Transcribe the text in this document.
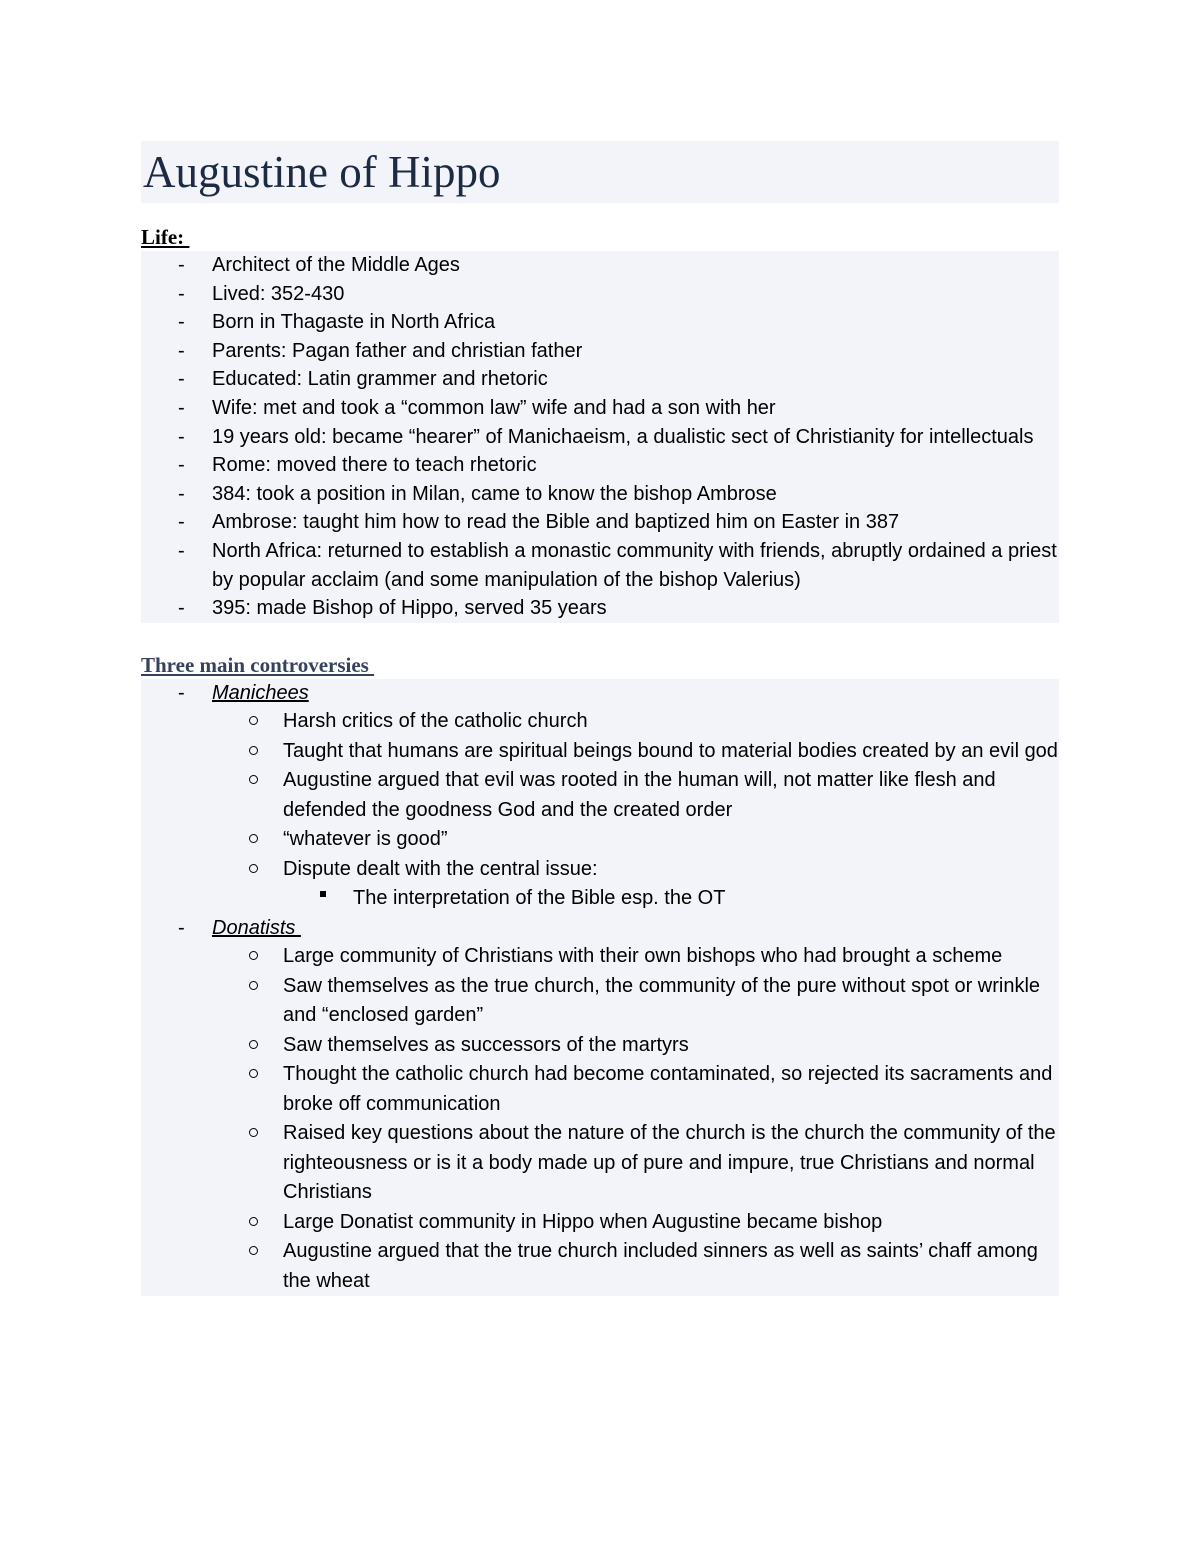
Augustine of Hippo
Life:
- Architect of the Middle Ages
- Lived: 352-430
- Born in Thagaste in North Africa
- Parents: Pagan father and christian father
- Educated: Latin grammer and rhetoric
- Wife: met and took a “common law” wife and had a son with her
- 19 years old: became “hearer” of Manichaeism, a dualistic sect of Christianity for intellectuals
- Rome: moved there to teach rhetoric
- 384: took a position in Milan, came to know the bishop Ambrose
- Ambrose: taught him how to read the Bible and baptized him on Easter in 387
- North Africa: returned to establish a monastic community with friends, abruptly ordained a priest by popular acclaim (and some manipulation of the bishop Valerius)
- 395: made Bishop of Hippo, served 35 years
Three main controversies
- Manichees
Harsh critics of the catholic church
Taught that humans are spiritual beings bound to material bodies created by an evil god
Augustine argued that evil was rooted in the human will, not matter like flesh and defended the goodness God and the created order
“whatever is good”
Dispute dealt with the central issue:
The interpretation of the Bible esp. the OT
- Donatists
Large community of Christians with their own bishops who had brought a scheme
Saw themselves as the true church, the community of the pure without spot or wrinkle and “enclosed garden”
Saw themselves as successors of the martyrs
Thought the catholic church had become contaminated, so rejected its sacraments and broke off communication
Raised key questions about the nature of the church is the church the community of the righteousness or is it a body made up of pure and impure, true Christians and normal Christians
Large Donatist community in Hippo when Augustine became bishop
Augustine argued that the true church included sinners as well as saints’ chaff among the wheat
